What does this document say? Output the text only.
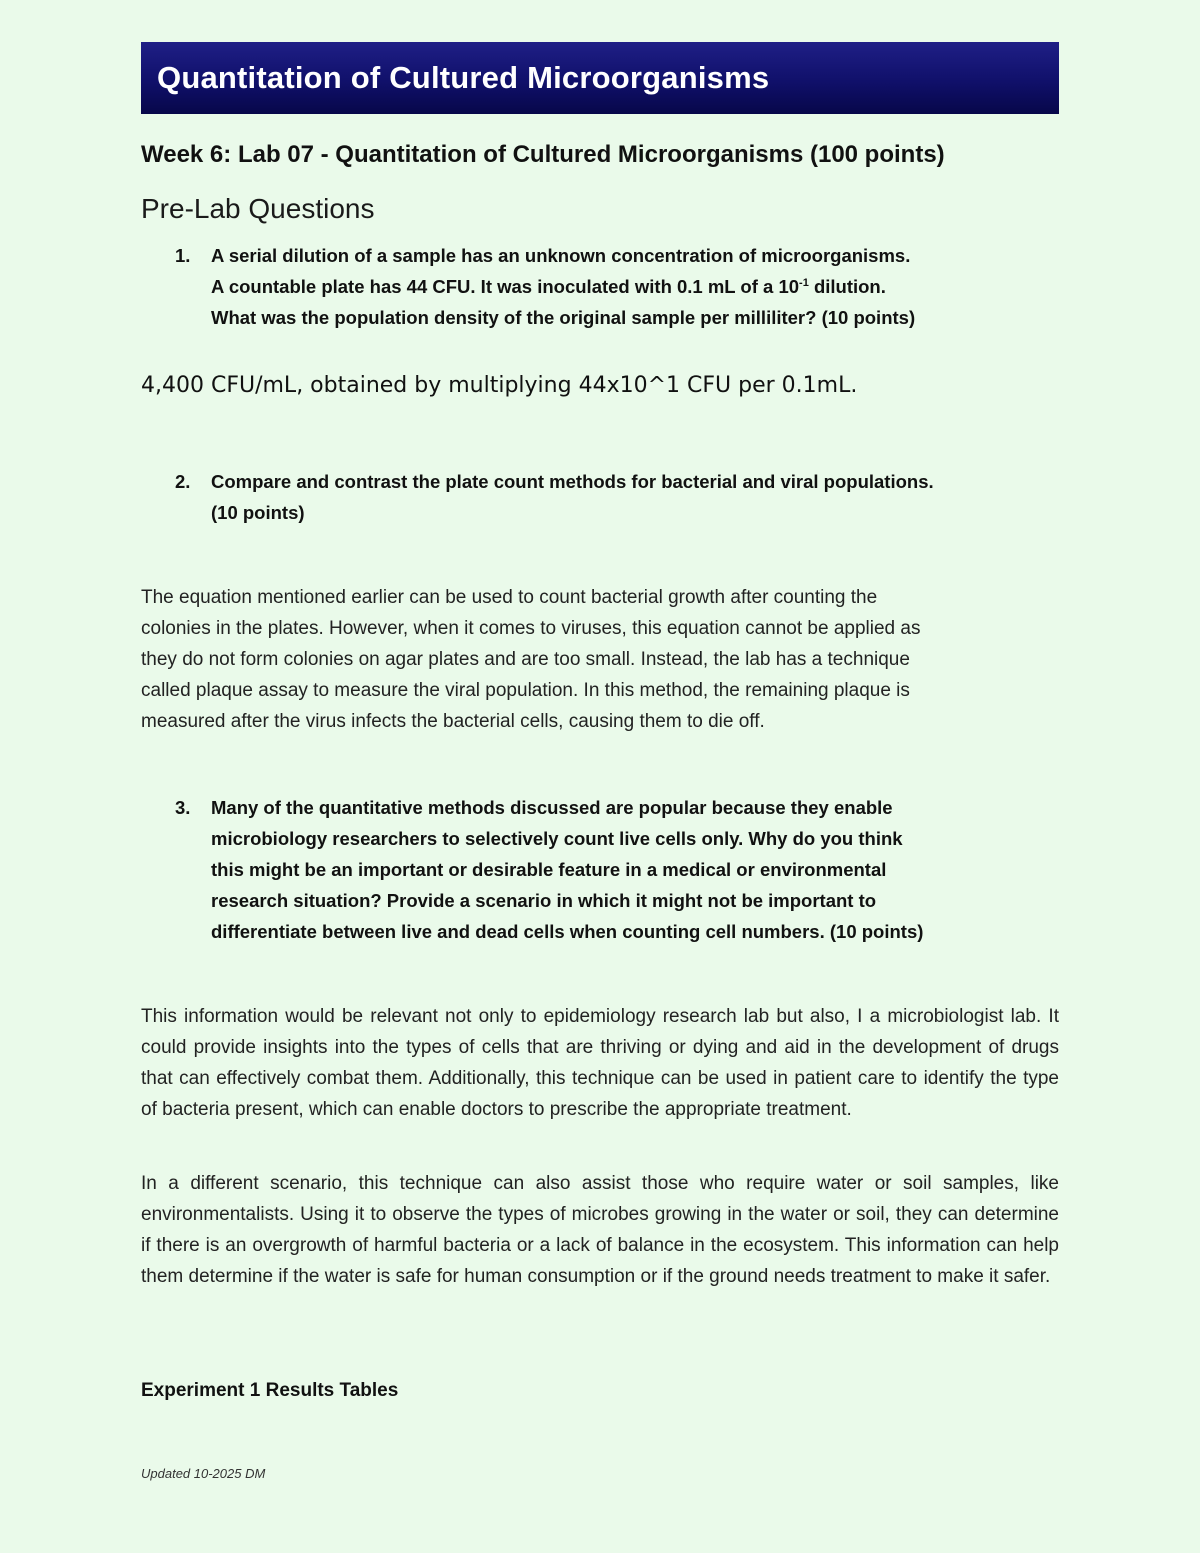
Quantitation of Cultured Microorganisms
Week 6: Lab 07 - Quantitation of Cultured Microorganisms (100 points)
Pre-Lab Questions
1.	A serial dilution of a sample has an unknown concentration of microorganisms.
A countable plate has 44 CFU. It was inoculated with 0.1 mL of a $10^{-1}$ dilution.
What was the population density of the original sample per milliliter? (10 points)
4,400 CFU/mL, obtained by multiplying 44x10^1 CFU per 0.1mL.
2.	Compare and contrast the plate count methods for bacterial and viral populations.
(10 points)
The equation mentioned earlier can be used to count bacterial growth after counting the
colonies in the plates. However, when it comes to viruses, this equation cannot be applied as
they do not form colonies on agar plates and are too small. Instead, the lab has a technique
called plaque assay to measure the viral population. In this method, the remaining plaque is
measured after the virus infects the bacterial cells, causing them to die off.
3.	Many of the quantitative methods discussed are popular because they enable
microbiology researchers to selectively count live cells only. Why do you think
this might be an important or desirable feature in a medical or environmental
research situation? Provide a scenario in which it might not be important to
differentiate between live and dead cells when counting cell numbers. (10 points)
This information would be relevant not only to epidemiology research lab but also, I a microbiologist lab. It could provide insights into the types of cells that are thriving or dying and aid in the development of drugs that can effectively combat them. Additionally, this technique can be used in patient care to identify the type of bacteria present, which can enable doctors to prescribe the appropriate treatment.
In a different scenario, this technique can also assist those who require water or soil samples, like environmentalists. Using it to observe the types of microbes growing in the water or soil, they can determine if there is an overgrowth of harmful bacteria or a lack of balance in the ecosystem. This information can help them determine if the water is safe for human consumption or if the ground needs treatment to make it safer.
Experiment 1 Results Tables
Updated 10-2025 DM
